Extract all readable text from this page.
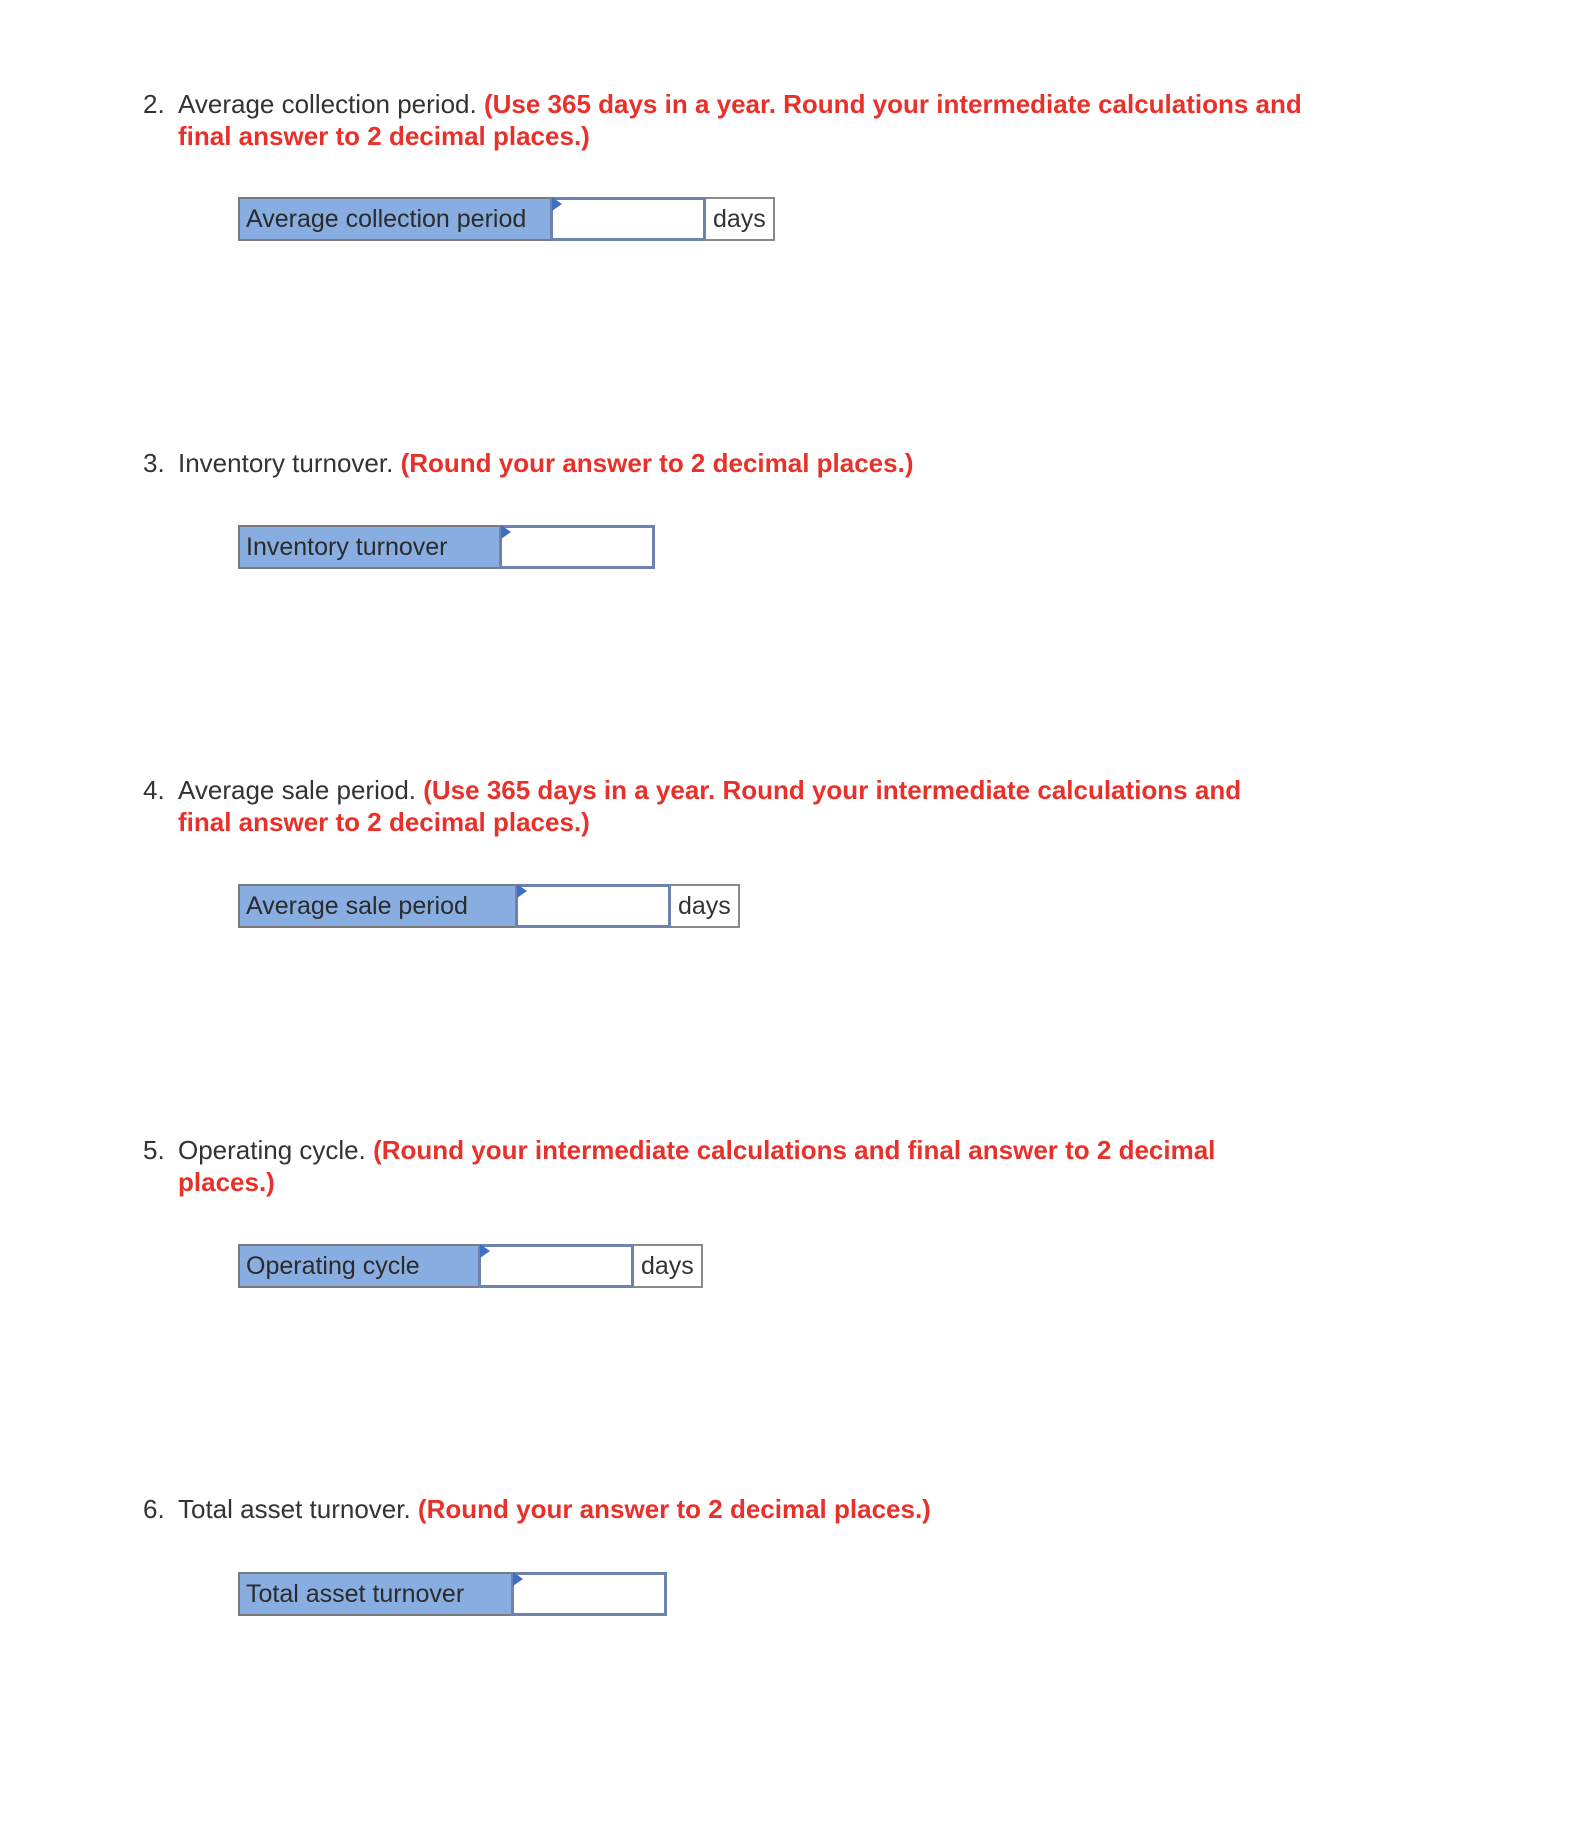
2. Average collection period. (Use 365 days in a year. Round your intermediate calculations and final answer to 2 decimal places.)
Average collection period	days
3. Inventory turnover. (Round your answer to 2 decimal places.)
Inventory turnover
4. Average sale period. (Use 365 days in a year. Round your intermediate calculations and final answer to 2 decimal places.)
Average sale period	days
5. Operating cycle. (Round your intermediate calculations and final answer to 2 decimal places.)
Operating cycle	days
6. Total asset turnover. (Round your answer to 2 decimal places.)
Total asset turnover
